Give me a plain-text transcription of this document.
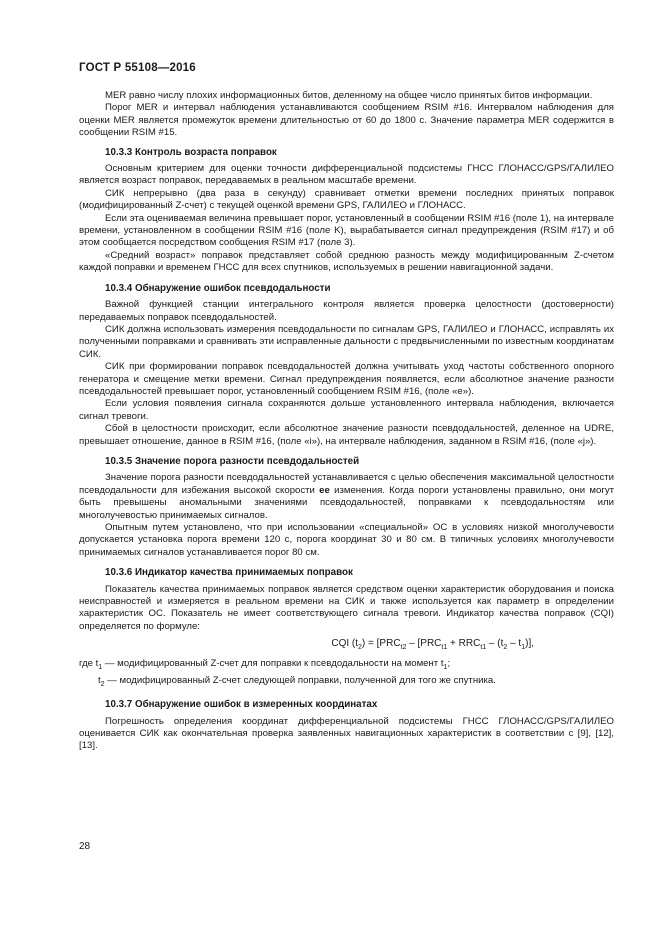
ГОСТ Р 55108—2016

MER равно числу плохих информационных битов, деленному на общее число принятых битов информации.

Порог MER и интервал наблюдения устанавливаются сообщением RSIM #16. Интервалом наблюдения для оценки MER является промежуток времени длительностью от 60 до 1800 с. Значение параметра MER содержится в сообщении RSIM #15.

10.3.3 Контроль возраста поправок

Основным критерием для оценки точности дифференциальной подсистемы ГНСС ГЛОНАСС/GPS/ГАЛИЛЕО является возраст поправок, передаваемых в реальном масштабе времени.

СИК непрерывно (два раза в секунду) сравнивает отметки времени последних принятых поправок (модифицированный Z-счет) с текущей оценкой времени GPS, ГАЛИЛЕО и ГЛОНАСС.

Если эта оцениваемая величина превышает порог, установленный в сообщении RSIM #16 (поле 1), на интервале времени, установленном в сообщении RSIM #16 (поле K), вырабатывается сигнал предупреждения (RSIM #17) и об этом сообщается посредством сообщения RSIM #17 (поле 3).

«Средний возраст» поправок представляет собой среднюю разность между модифицированным Z-счетом каждой поправки и временем ГНСС для всех спутников, используемых в решении навигационной задачи.

10.3.4 Обнаружение ошибок псевдодальности

Важной функцией станции интегрального контроля является проверка целостности (достоверности) передаваемых поправок псевдодальностей.

СИК должна использовать измерения псевдодальности по сигналам GPS, ГАЛИЛЕО и ГЛОНАСС, исправлять их полученными поправками и сравнивать эти исправленные дальности с предвычисленными по известным координатам СИК.

СИК при формировании поправок псевдодальностей должна учитывать уход частоты собственного опорного генератора и смещение метки времени. Сигнал предупреждения появляется, если абсолютное значение разности псевдодальностей превышает порог, установленный сообщением RSIM #16, (поле «e»).

Если условия появления сигнала сохраняются дольше установленного интервала наблюдения, включается сигнал тревоги.

Сбой в целостности происходит, если абсолютное значение разности псевдодальностей, деленное на UDRE, превышает отношение, данное в RSIM #16, (поле «i»), на интервале наблюдения, заданном в RSIM #16, (поле «j»).

10.3.5 Значение порога разности псевдодальностей

Значение порога разности псевдодальностей устанавливается с целью обеспечения максимальной целостности псевдодальности для избежания высокой скорости ее изменения. Когда пороги установлены правильно, они могут быть превышены аномальными значениями псевдодальностей, поправками к псевдодальностям или многолучевостью принимаемых сигналов.

Опытным путем установлено, что при использовании «специальной» ОС в условиях низкой многолучевости допускается установка порога времени 120 с, порога координат 30 и 80 см. В типичных условиях многолучевости принимаемых сигналов устанавливается порог 80 см.

10.3.6 Индикатор качества принимаемых поправок

Показатель качества принимаемых поправок является средством оценки характеристик оборудования и поиска неисправностей и измеряется в реальном времени на СИК и также используется как параметр в определении характеристик ОС. Показатель не имеет соответствующего сигнала тревоги. Индикатор качества поправок (CQI) определяется по формуле:

CQI $(t_2) = [PRC_{t2} - [PRC_{t1} + RRC_{t1} - (t_2 - t_1)]$,

где $t_1$ — модифицированный Z-счет для поправки к псевдодальности на момент $t_1$;

$t_2$ — модифицированный Z-счет следующей поправки, полученной для того же спутника.

10.3.7 Обнаружение ошибок в измеренных координатах

Погрешность определения координат дифференциальной подсистемы ГНСС ГЛОНАСС/GPS/ГАЛИЛЕО оценивается СИК как окончательная проверка заявленных навигационных характеристик в соответствии с [9], [12], [13].

28
